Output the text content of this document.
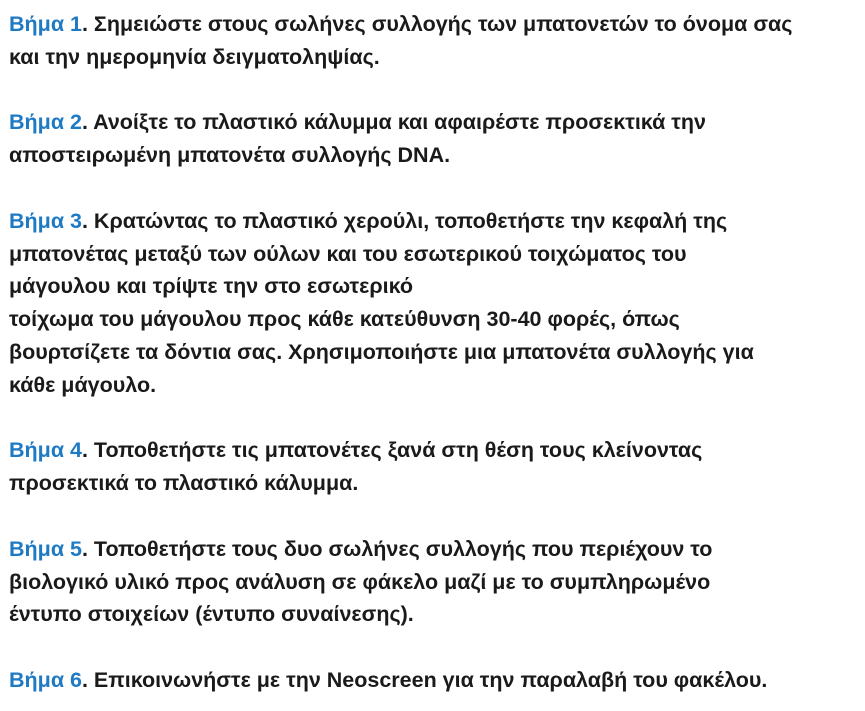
Βήμα 1. Σημειώστε στους σωλήνες συλλογής των μπατονετών το όνομα σας
και την ημερομηνία δειγματοληψίας.
Βήμα 2. Ανοίξτε το πλαστικό κάλυμμα και αφαιρέστε προσεκτικά την
αποστειρωμένη μπατονέτα συλλογής DNA.
Βήμα 3. Κρατώντας το πλαστικό χερούλι, τοποθετήστε την κεφαλή της
μπατονέτας μεταξύ των ούλων και του εσωτερικού τοιχώματος του
μάγουλου και τρίψτε την στο εσωτερικό
τοίχωμα του μάγουλου προς κάθε κατεύθυνση 30-40 φορές, όπως
βουρτσίζετε τα δόντια σας. Χρησιμοποιήστε μια μπατονέτα συλλογής για
κάθε μάγουλο.
Βήμα 4. Τοποθετήστε τις μπατονέτες ξανά στη θέση τους κλείνοντας
προσεκτικά το πλαστικό κάλυμμα.
Βήμα 5. Τοποθετήστε τους δυο σωλήνες συλλογής που περιέχουν το
βιολογικό υλικό προς ανάλυση σε φάκελο μαζί με το συμπληρωμένο
έντυπο στοιχείων (έντυπο συναίνεσης).
Βήμα 6. Επικοινωνήστε με την Neoscreen για την παραλαβή του φακέλου.
